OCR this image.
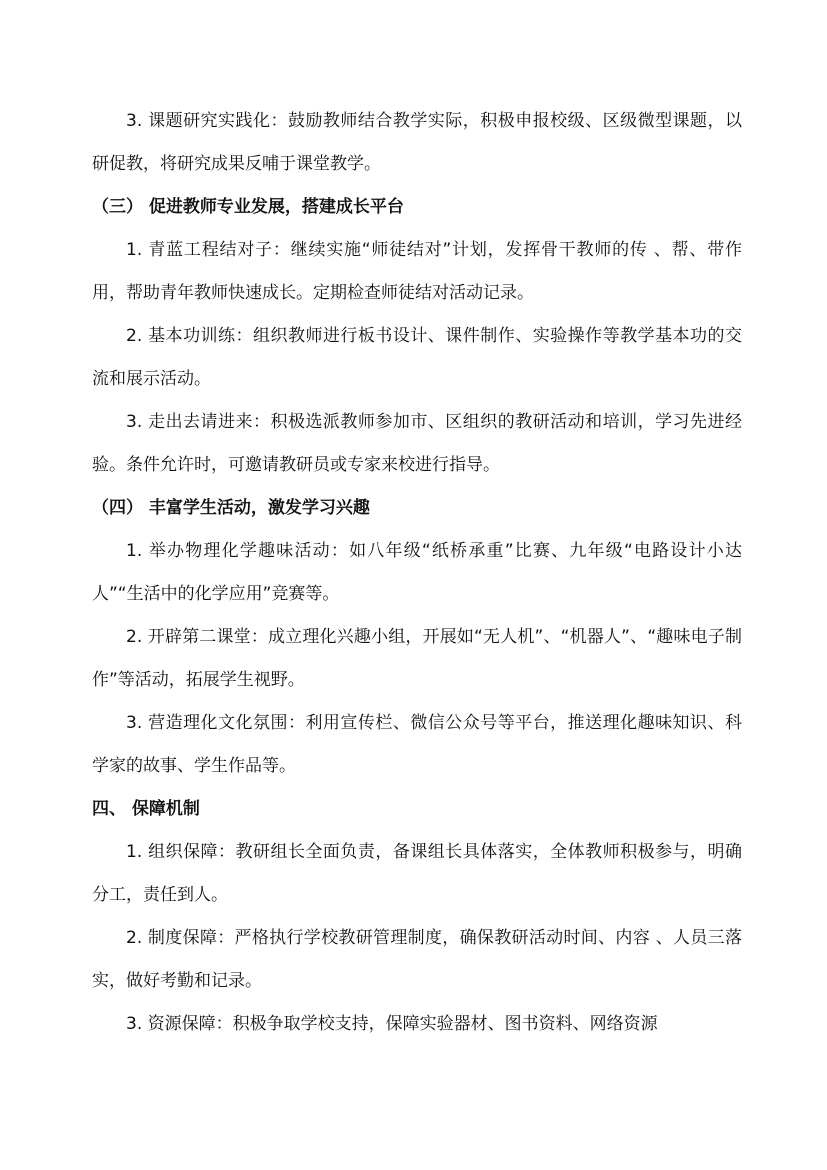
3. 课题研究实践化：鼓励教师结合教学实际，积极申报校级、区级微型课题，以研促教，将研究成果反哺于课堂教学。

（三） 促进教师专业发展，搭建成长平台

1. 青蓝工程结对子：继续实施“师徒结对”计划，发挥骨干教师的传 、帮、带作用，帮助青年教师快速成长。定期检查师徒结对活动记录。

2. 基本功训练：组织教师进行板书设计、课件制作、实验操作等教学基本功的交流和展示活动。

3. 走出去请进来：积极选派教师参加市、区组织的教研活动和培训，学习先进经验。条件允许时，可邀请教研员或专家来校进行指导。

（四） 丰富学生活动，激发学习兴趣

1. 举办物理化学趣味活动：如八年级“纸桥承重”比赛、九年级“电路设计小达人”“生活中的化学应用”竞赛等。

2. 开辟第二课堂：成立理化兴趣小组，开展如“无人机”、“机器人”、“趣味电子制作”等活动，拓展学生视野。

3. 营造理化文化氛围：利用宣传栏、微信公众号等平台，推送理化趣味知识、科学家的故事、学生作品等。

四、 保障机制

1. 组织保障：教研组长全面负责，备课组长具体落实，全体教师积极参与，明确分工，责任到人。

2. 制度保障：严格执行学校教研管理制度，确保教研活动时间、内容 、人员三落实，做好考勤和记录。

3. 资源保障：积极争取学校支持，保障实验器材、图书资料、网络资源
